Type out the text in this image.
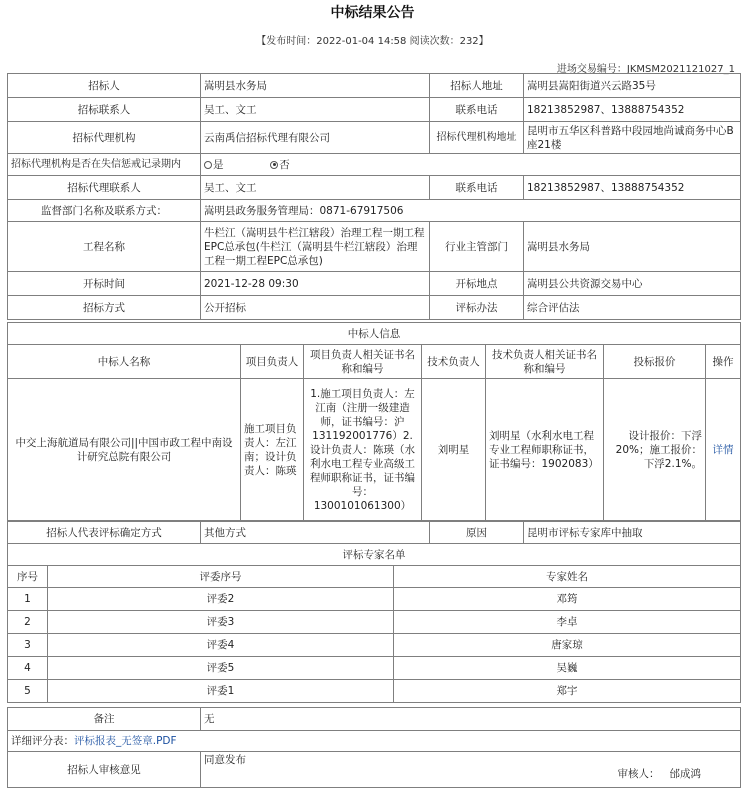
中标结果公告
【发布时间：2022-01-04 14:58 阅读次数：232】
进场交易编号：JKMSM2021121027_1
招标人	嵩明县水务局	招标人地址	嵩明县嵩阳街道兴云路35号
招标联系人	吴工、文工	联系电话	18213852987、13888754352
招标代理机构	云南禹信招标代理有限公司	招标代理机构地址	昆明市五华区科普路中段园地尚诚商务中心B座21楼
招标代理机构是否在失信惩戒记录期内	是 否		
招标代理联系人	吴工、文工	联系电话	18213852987、13888754352
监督部门名称及联系方式：	嵩明县政务服务管理局：0871-67917506		
工程名称	牛栏江（嵩明县牛栏江辖段）治理工程一期工程EPC总承包(牛栏江（嵩明县牛栏江辖段）治理工程一期工程EPC总承包)	行业主管部门	嵩明县水务局
开标时间	2021-12-28 09:30	开标地点	嵩明县公共资源交易中心
招标方式	公开招标	评标办法	综合评估法
中标人信息						
中标人名称	项目负责人	项目负责人相关证书名称和编号	技术负责人	技术负责人相关证书名称和编号	投标报价	操作
中交上海航道局有限公司||中国市政工程中南设计研究总院有限公司	施工项目负责人：左江南；设计负责人：陈瑛	1.施工项目负责人：左江南（注册一级建造师，证书编号：沪131192001776）2.设计负责人：陈瑛（水利水电工程专业高级工程师职称证书，证书编号：1300101061300）	刘明星	刘明星（水利水电工程专业工程师职称证书，证书编号：1902083）	设计报价：下浮20%；施工报价：下浮2.1%。	详情
招标人代表评标确定方式	其他方式	原因	昆明市评标专家库中抽取
评标专家名单		
序号	评委序号	专家姓名
1	评委2	邓筠
2	评委3	李卓
3	评委4	唐家琼
4	评委5	吴巍
5	评委1	郑宇
备注	无
详细评分表：评标报表_无签章.PDF	
招标人审核意见	同意发布
审核人：   邰成鸿
